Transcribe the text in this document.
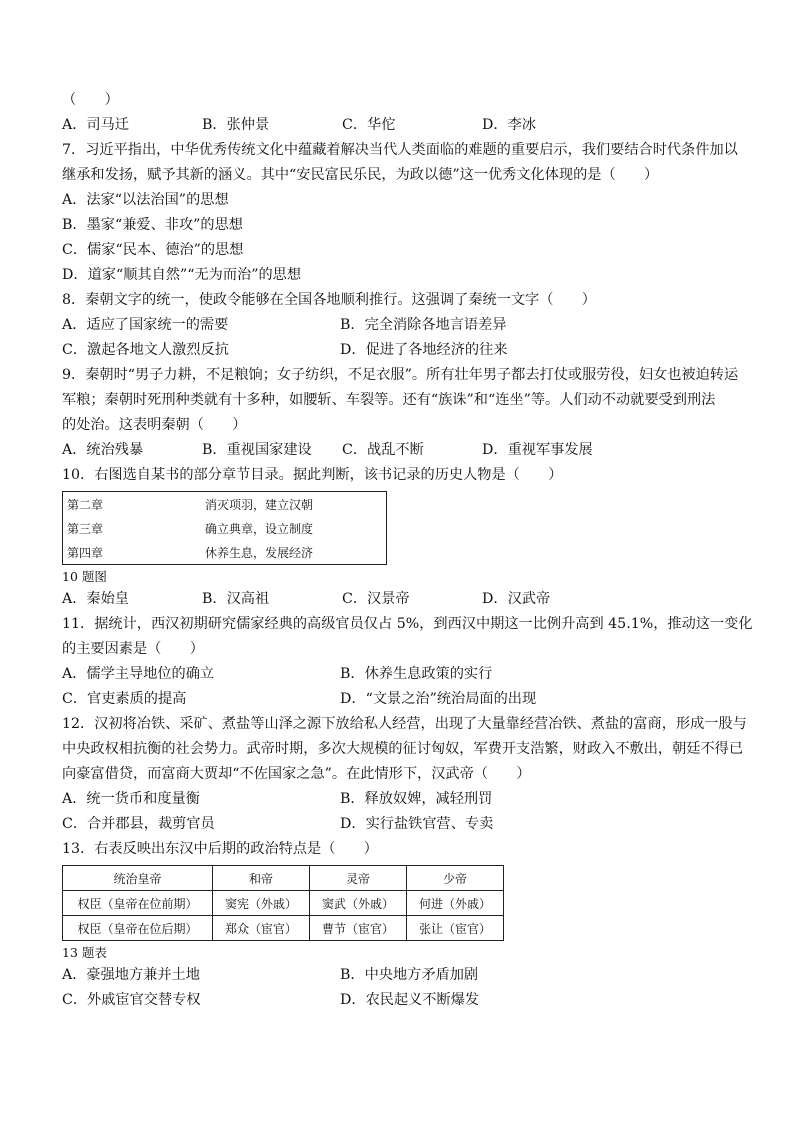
（　　）
A．司马迁	B．张仲景	C．华佗	D．李冰
7．习近平指出，中华优秀传统文化中蕴藏着解决当代人类面临的难题的重要启示，我们要结合时代条件加以
继承和发扬，赋予其新的涵义。其中“安民富民乐民，为政以德”这一优秀文化体现的是（　　）
A．法家“以法治国”的思想
B．墨家“兼爱、非攻”的思想
C．儒家“民本、德治”的思想
D．道家“顺其自然”“无为而治”的思想
8．秦朝文字的统一，使政令能够在全国各地顺利推行。这强调了秦统一文字（　　）
A．适应了国家统一的需要	B．完全消除各地言语差异
C．激起各地文人激烈反抗	D．促进了各地经济的往来
9．秦朝时“男子力耕，不足粮饷；女子纺织，不足衣服”。所有壮年男子都去打仗或服劳役，妇女也被迫转运
军粮；秦朝时死刑种类就有十多种，如腰斩、车裂等。还有“族诛”和“连坐”等。人们动不动就要受到刑法
的处治。这表明秦朝（　　）
A．统治残暴	B．重视国家建设	C．战乱不断	D．重视军事发展
10．右图选自某书的部分章节目录。据此判断，该书记录的历史人物是（　　）
第二章	消灭项羽，建立汉朝
第三章	确立典章，设立制度
第四章	休养生息，发展经济
10 题图
A．秦始皇	B．汉高祖	C．汉景帝	D．汉武帝
11．据统计，西汉初期研究儒家经典的高级官员仅占 5%，到西汉中期这一比例升高到 45.1%，推动这一变化
的主要因素是（　　）
A．儒学主导地位的确立	B．休养生息政策的实行
C．官吏素质的提高	D．“文景之治”统治局面的出现
12．汉初将冶铁、采矿、煮盐等山泽之源下放给私人经营，出现了大量靠经营冶铁、煮盐的富商，形成一股与
中央政权相抗衡的社会势力。武帝时期，多次大规模的征讨匈奴，军费开支浩繁，财政入不敷出，朝廷不得已
向豪富借贷，而富商大贾却“不佐国家之急”。在此情形下，汉武帝（　　）
A．统一货币和度量衡	B．释放奴婢，减轻刑罚
C．合并郡县，裁剪官员	D．实行盐铁官营、专卖
13．右表反映出东汉中后期的政治特点是（　　）
统治皇帝	和帝	灵帝	少帝
权臣（皇帝在位前期）	窦宪（外戚）	窦武（外戚）	何进（外戚）
权臣（皇帝在位后期）	郑众（宦官）	曹节（宦官）	张让（宦官）
13 题表
A．豪强地方兼并土地	B．中央地方矛盾加剧
C．外戚宦官交替专权	D．农民起义不断爆发
